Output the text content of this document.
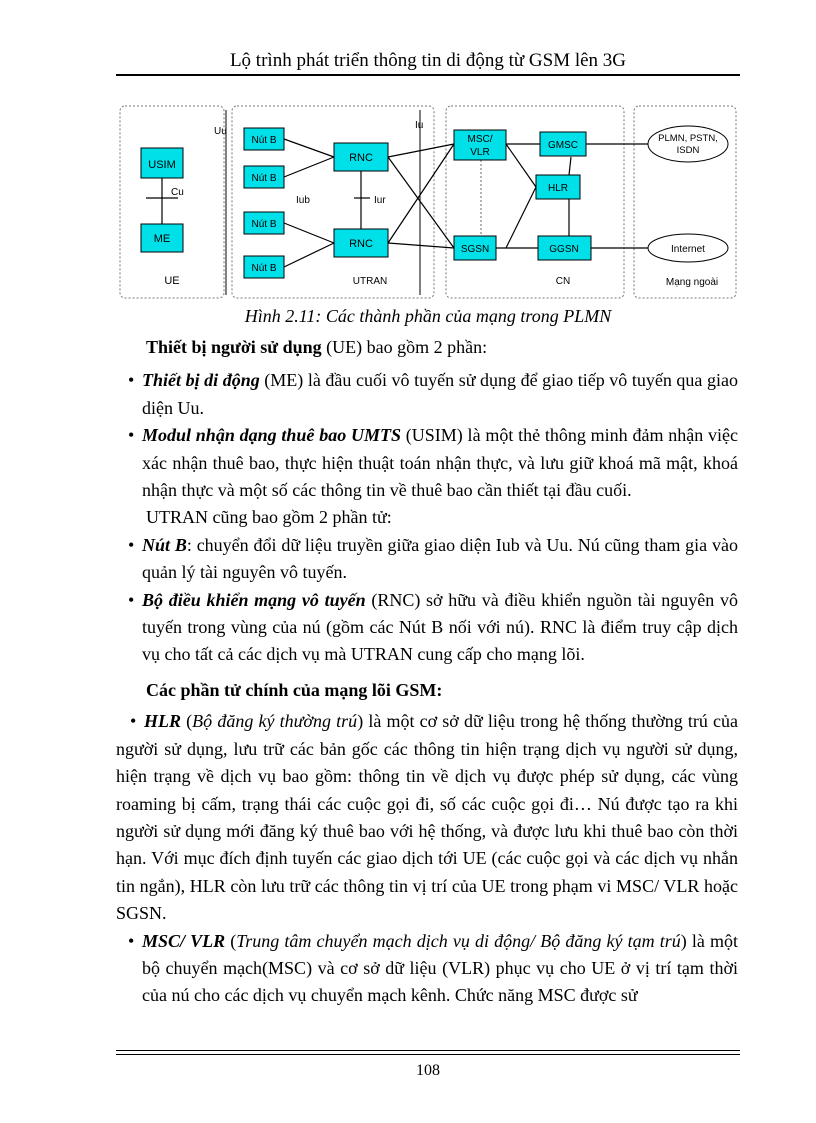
Lộ trình phát triển thông tin di động từ GSM lên 3G
USIM
Cu
ME
UE
Uu
Nút B
Nút B
Nút B
Nút B
Iub	Iur
RNC
RNC
UTRAN
Iu
MSC/
VLR
GMSC
HLR
SGSN	GGSN
CN
PLMN, PSTN,
ISDN
Internet
Mạng ngoài
Hình 2.11: Các thành phần của mạng trong PLMN

Thiết bị người sử dụng (UE) bao gồm 2 phần:

• Thiết bị di động (ME) là đầu cuối vô tuyến sử dụng để giao tiếp vô tuyến qua giao diện Uu.

• Modul nhận dạng thuê bao UMTS (USIM) là một thẻ thông minh đảm nhận việc xác nhận thuê bao, thực hiện thuật toán nhận thực, và lưu giữ khoá mã mật, khoá nhận thực và một số các thông tin về thuê bao cần thiết tại đầu cuối.

UTRAN cũng bao gồm 2 phần tử:

• Nút B: chuyển đổi dữ liệu truyền giữa giao diện Iub và Uu. Nú cũng tham gia vào quản lý tài nguyên vô tuyến.

• Bộ điều khiển mạng vô tuyến (RNC) sở hữu và điều khiển nguồn tài nguyên vô tuyến trong vùng của nú (gồm các Nút B nối với nú). RNC là điểm truy cập dịch vụ cho tất cả các dịch vụ mà UTRAN cung cấp cho mạng lõi.

Các phần tử chính của mạng lõi GSM:

• HLR (Bộ đăng ký thường trú) là một cơ sở dữ liệu trong hệ thống thường trú của người sử dụng, lưu trữ các bản gốc các thông tin hiện trạng dịch vụ người sử dụng, hiện trạng về dịch vụ bao gồm: thông tin về dịch vụ được phép sử dụng, các vùng roaming bị cấm, trạng thái các cuộc gọi đi, số các cuộc gọi đi… Nú được tạo ra khi người sử dụng mới đăng ký thuê bao với hệ thống, và được lưu khi thuê bao còn thời hạn. Với mục đích định tuyến các giao dịch tới UE (các cuộc gọi và các dịch vụ nhắn tin ngắn), HLR còn lưu trữ các thông tin vị trí của UE trong phạm vi MSC/ VLR hoặc SGSN.

• MSC/ VLR (Trung tâm chuyển mạch dịch vụ di động/ Bộ đăng ký tạm trú) là một bộ chuyển mạch(MSC) và cơ sở dữ liệu (VLR) phục vụ cho UE ở vị trí tạm thời của nú cho các dịch vụ chuyển mạch kênh. Chức năng MSC được sử

108
